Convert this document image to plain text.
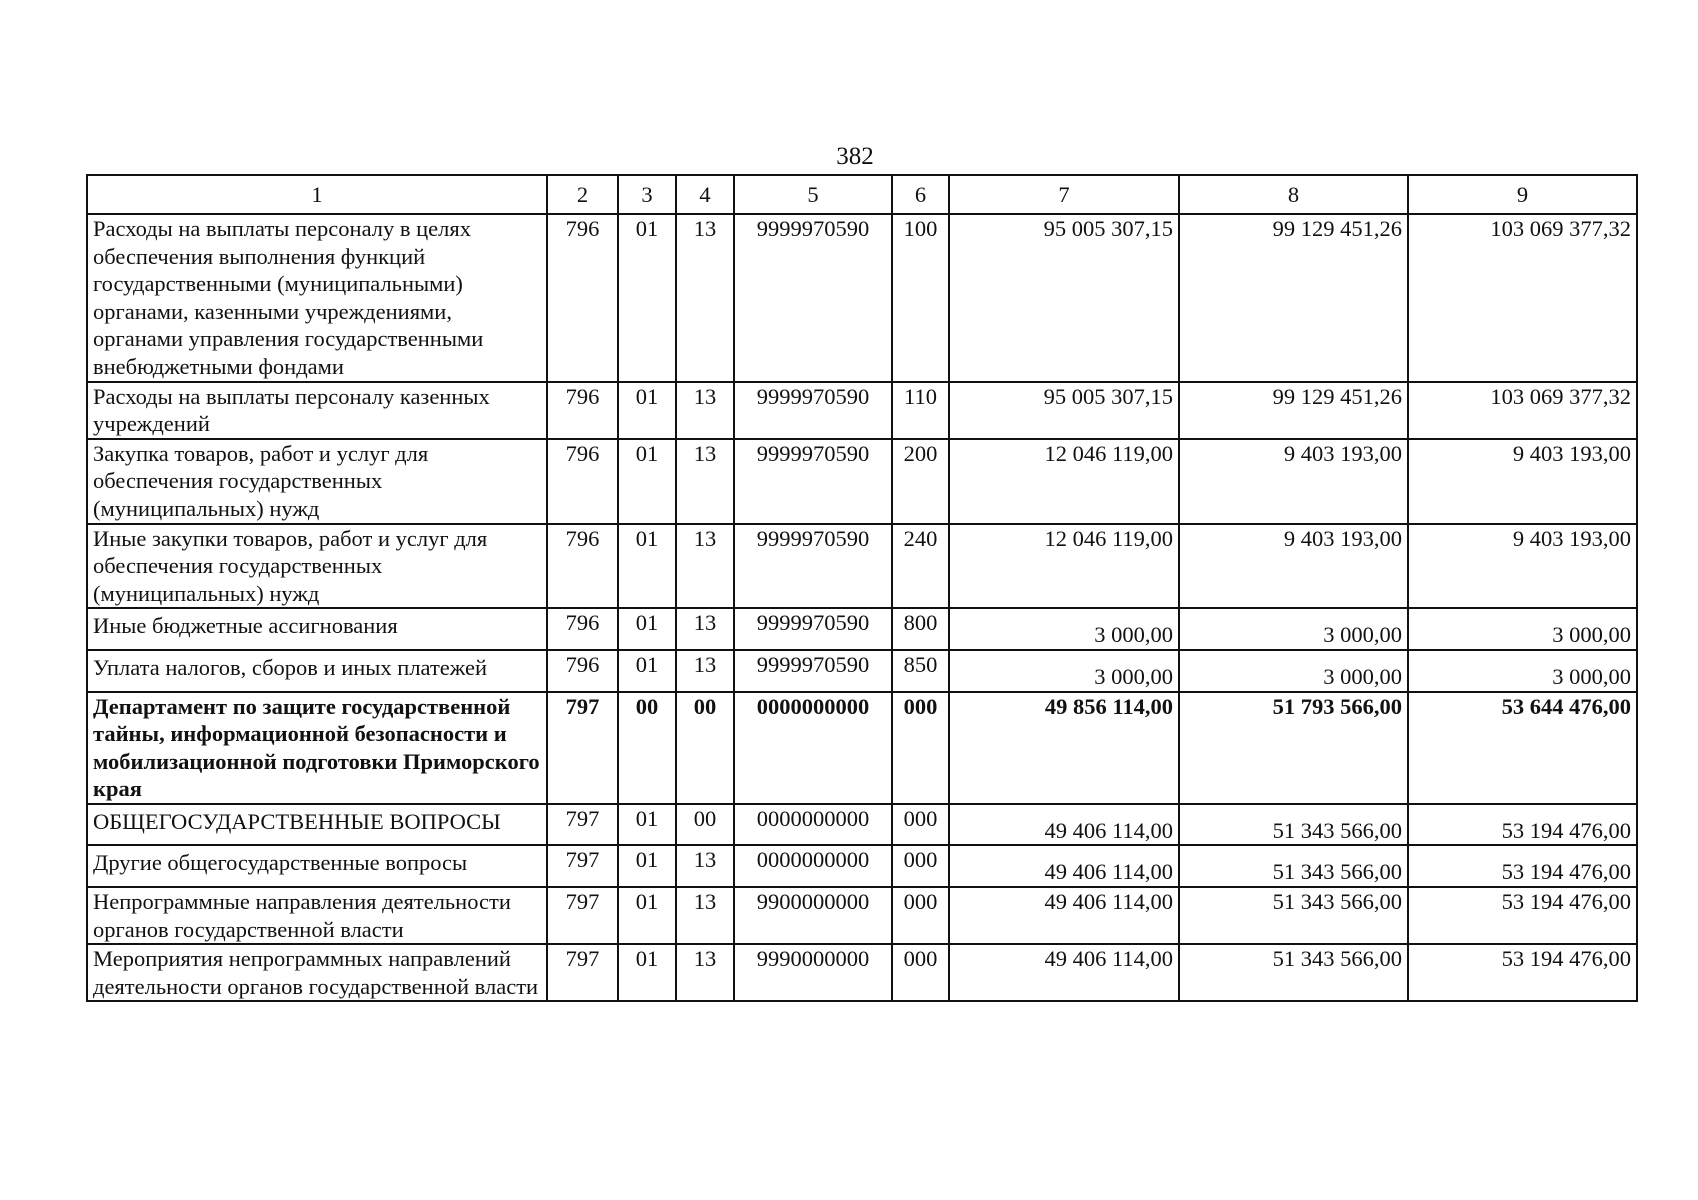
382
1	2	3	4	5	6	7	8	9
Расходы на выплаты персоналу в целях обеспечения выполнения функций государственными (муниципальными) органами, казенными учреждениями, органами управления государственными внебюджетными фондами	796	01	13	9999970590	100	95 005 307,15	99 129 451,26	103 069 377,32
Расходы на выплаты персоналу казенных учреждений	796	01	13	9999970590	110	95 005 307,15	99 129 451,26	103 069 377,32
Закупка товаров, работ и услуг для обеспечения государственных (муниципальных) нужд	796	01	13	9999970590	200	12 046 119,00	9 403 193,00	9 403 193,00
Иные закупки товаров, работ и услуг для обеспечения государственных (муниципальных) нужд	796	01	13	9999970590	240	12 046 119,00	9 403 193,00	9 403 193,00
Иные бюджетные ассигнования	796	01	13	9999970590	800	3 000,00	3 000,00	3 000,00
Уплата налогов, сборов и иных платежей	796	01	13	9999970590	850	3 000,00	3 000,00	3 000,00
Департамент по защите государственной тайны, информационной безопасности и мобилизационной подготовки Приморского края	797	00	00	0000000000	000	49 856 114,00	51 793 566,00	53 644 476,00
ОБЩЕГОСУДАРСТВЕННЫЕ ВОПРОСЫ	797	01	00	0000000000	000	49 406 114,00	51 343 566,00	53 194 476,00
Другие общегосударственные вопросы	797	01	13	0000000000	000	49 406 114,00	51 343 566,00	53 194 476,00
Непрограммные направления деятельности органов государственной власти	797	01	13	9900000000	000	49 406 114,00	51 343 566,00	53 194 476,00
Мероприятия непрограммных направлений деятельности органов государственной власти	797	01	13	9990000000	000	49 406 114,00	51 343 566,00	53 194 476,00
